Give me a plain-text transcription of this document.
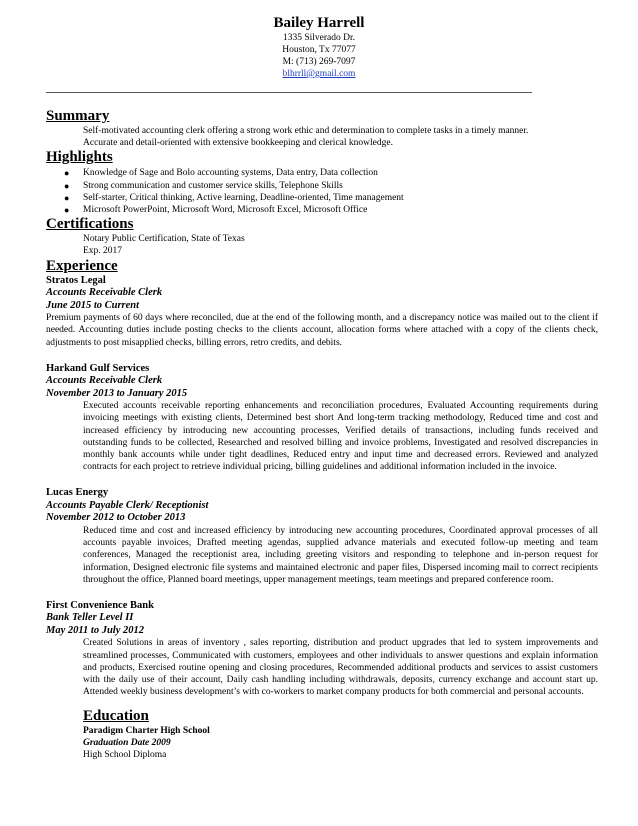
Bailey Harrell
1335 Silverado Dr.
Houston, Tx 77077
M: (713) 269-7097
blhrrll@gmail.com
Summary
Self-motivated accounting clerk offering a strong work ethic and determination to complete tasks in a timely manner.
Accurate and detail-oriented with extensive bookkeeping and clerical knowledge.
Highlights
● Knowledge of Sage and Bolo accounting systems, Data entry, Data collection
● Strong communication and customer service skills, Telephone Skills
● Self-starter, Critical thinking, Active learning, Deadline-oriented, Time management
● Microsoft PowerPoint, Microsoft Word, Microsoft Excel, Microsoft Office
Certifications
Notary Public Certification, State of Texas
Exp. 2017
Experience
Stratos Legal
Accounts Receivable Clerk
June 2015 to Current
Premium payments of 60 days where reconciled, due at the end of the following month, and a discrepancy notice was mailed out to the client if needed. Accounting duties include posting checks to the clients account, allocation forms where attached with a copy of the clients check, adjustments to post misapplied checks, billing errors, retro credits, and debits.
Harkand Gulf Services
Accounts Receivable Clerk
November 2013 to January 2015
Executed accounts receivable reporting enhancements and reconciliation procedures, Evaluated Accounting requirements during invoicing meetings with existing clients, Determined best short And long-term tracking methodology, Reduced time and cost and increased efficiency by introducing new accounting processes, Verified details of transactions, including funds received and outstanding funds to be collected, Researched and resolved billing and invoice problems, Investigated and resolved discrepancies in monthly bank accounts while under tight deadlines, Reduced entry and input time and decreased errors. Reviewed and analyzed contracts for each project to retrieve individual pricing, billing guidelines and additional information included in the invoice.
Lucas Energy
Accounts Payable Clerk/ Receptionist
November 2012 to October 2013
Reduced time and cost and increased efficiency by introducing new accounting procedures, Coordinated approval processes of all accounts payable invoices, Drafted meeting agendas, supplied advance materials and executed follow-up meeting and team conferences, Managed the receptionist area, including greeting visitors and responding to telephone and in-person request for information, Designed electronic file systems and maintained electronic and paper files, Dispersed incoming mail to correct recipients throughout the office, Planned board meetings, upper management meetings, team meetings and prepared conference room.
First Convenience Bank
Bank Teller Level II
May 2011 to July 2012
Created Solutions in areas of inventory , sales reporting, distribution and product upgrades that led to system improvements and streamlined processes, Communicated with customers, employees and other individuals to answer questions and explain information and products, Exercised routine opening and closing procedures, Recommended additional products and services to assist customers with the daily use of their account, Daily cash handling including withdrawals, deposits, currency exchange and account start up. Attended weekly business development’s with co-workers to market company products for both commercial and personal accounts.
Education
Paradigm Charter High School
Graduation Date 2009
High School Diploma
